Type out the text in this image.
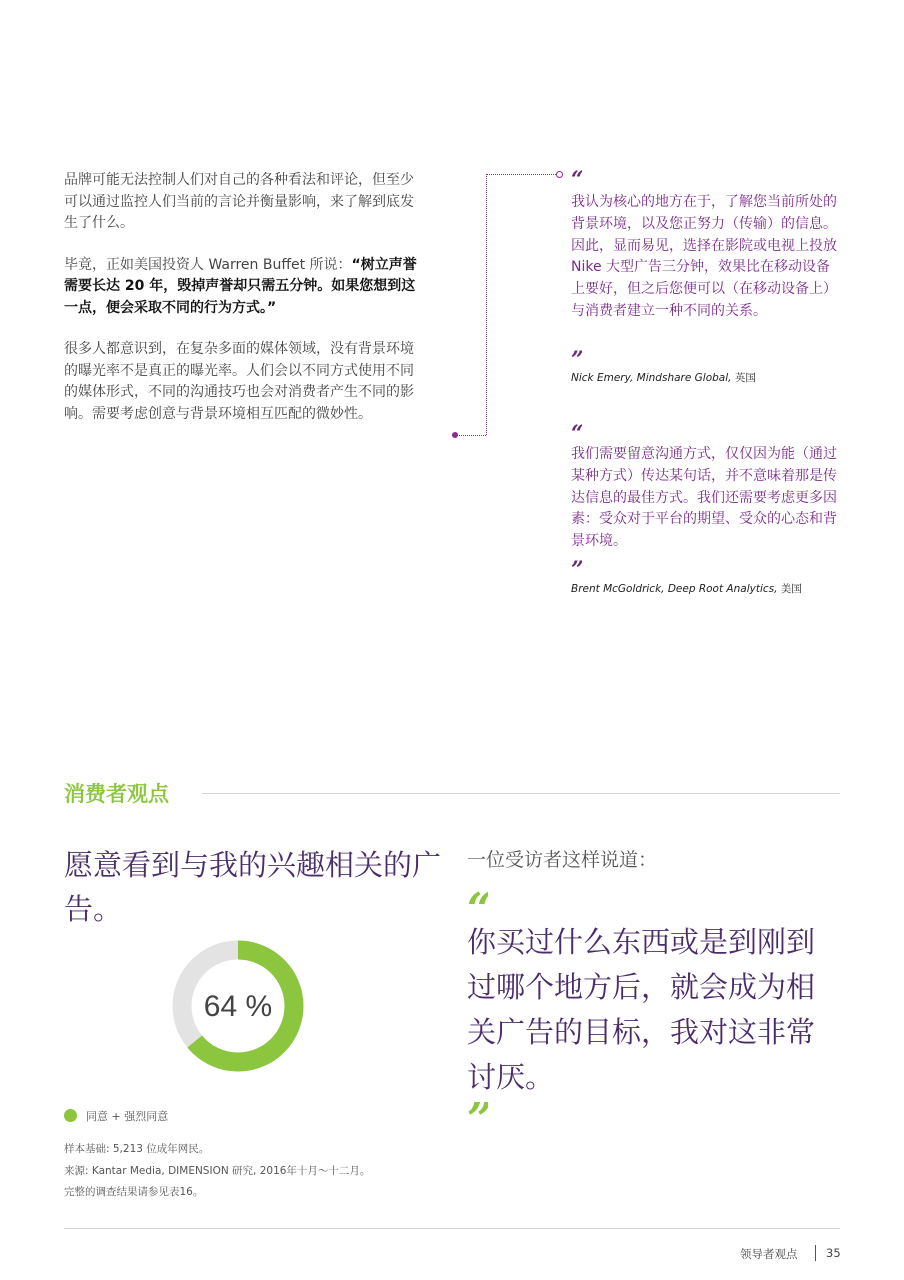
品牌可能无法控制人们对自己的各种看法和评论，但至少可以通过监控人们当前的言论并衡量影响，来了解到底发生了什么。

毕竟，正如美国投资人 Warren Buffet 所说：“树立声誉需要长达 20 年，毁掉声誉却只需五分钟。如果您想到这一点，便会采取不同的行为方式。”

很多人都意识到，在复杂多面的媒体领域，没有背景环境的曝光率不是真正的曝光率。人们会以不同方式使用不同的媒体形式，不同的沟通技巧也会对消费者产生不同的影响。需要考虑创意与背景环境相互匹配的微妙性。

“
我认为核心的地方在于，了解您当前所处的背景环境，以及您正努力（传输）的信息。因此，显而易见，选择在影院或电视上投放 Nike 大型广告三分钟，效果比在移动设备上要好，但之后您便可以（在移动设备上）与消费者建立一种不同的关系。
”
Nick Emery, Mindshare Global, 英国
“
我们需要留意沟通方式，仅仅因为能（通过某种方式）传达某句话，并不意味着那是传达信息的最佳方式。我们还需要考虑更多因素：受众对于平台的期望、受众的心态和背景环境。
”
Brent McGoldrick, Deep Root Analytics, 美国
消费者观点
愿意看到与我的兴趣相关的广告。
64 %
同意 + 强烈同意
样本基础: 5,213 位成年网民。
来源: Kantar Media, DIMENSION 研究, 2016年十月～十二月。
完整的调查结果请参见表16。
一位受访者这样说道：
“
你买过什么东西或是到刚到过哪个地方后，就会成为相关广告的目标，我对这非常讨厌。
”
领导者观点 35
